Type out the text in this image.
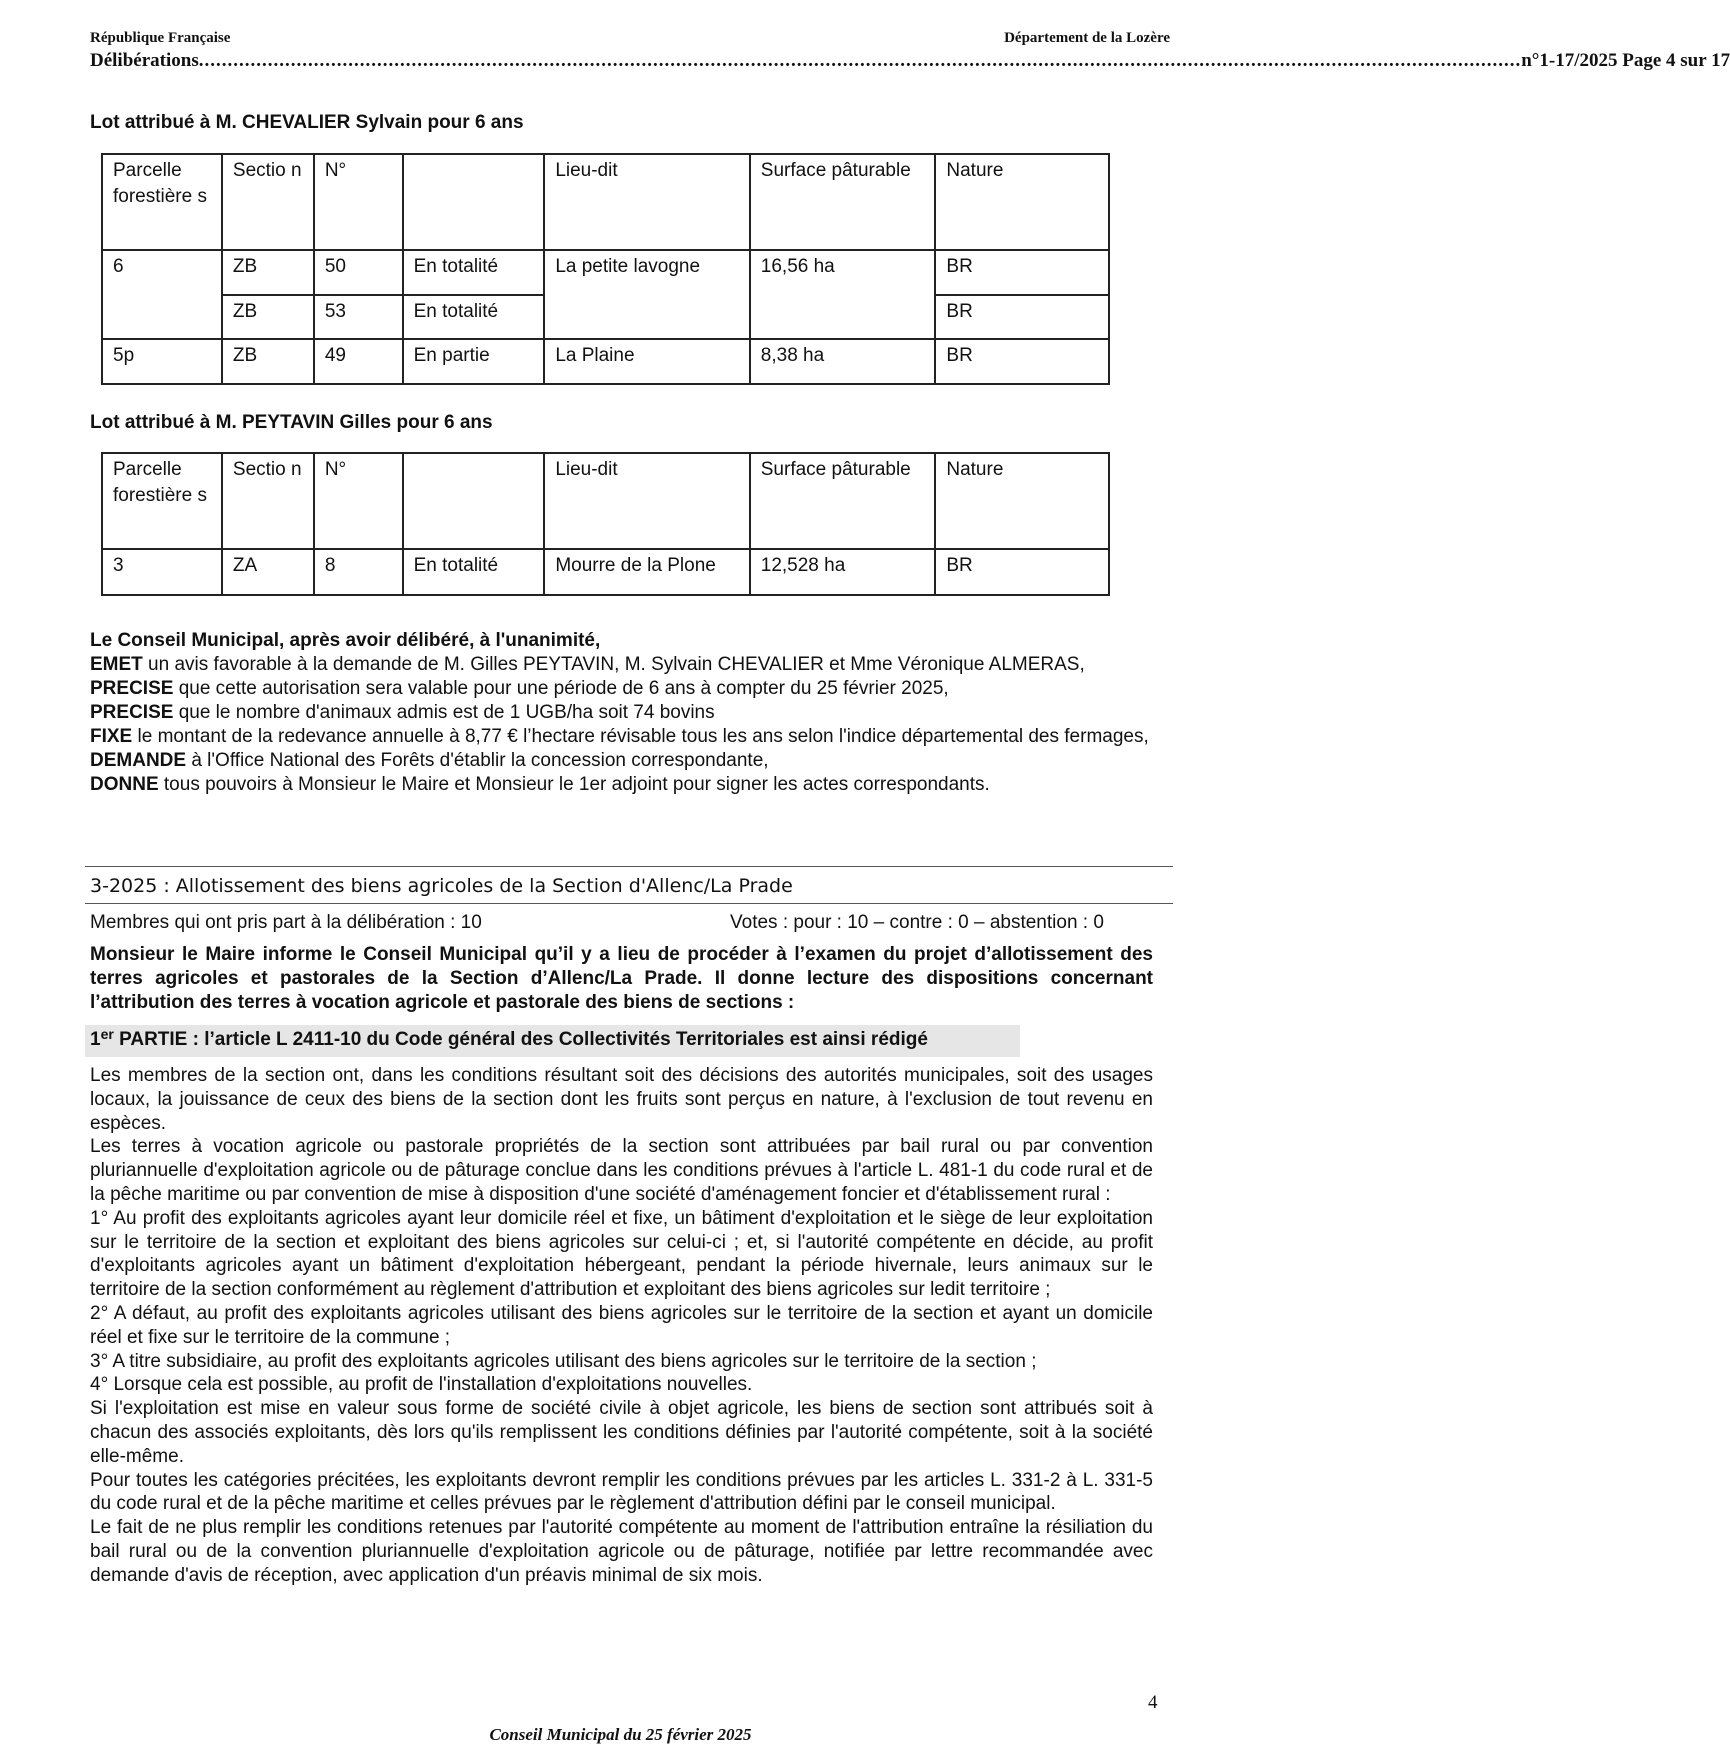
République Française	Département de la Lozère
Délibérations ...................................................................................................................................................................................................................................... n°1-17/2025 Page 4 sur 17
Lot attribué à M. CHEVALIER Sylvain pour 6 ans
Parcelle forestière s	Sectio n	N°		Lieu-dit	Surface pâturable	Nature
6	ZB	50	En totalité	La petite lavogne	16,56 ha	BR
	ZB	53	En totalité			BR
5p	ZB	49	En partie	La Plaine	8,38 ha	BR
Lot attribué à M. PEYTAVIN Gilles pour 6 ans
Parcelle forestière s	Sectio n	N°		Lieu-dit	Surface pâturable	Nature
3	ZA	8	En totalité	Mourre de la Plone	12,528 ha	BR
Le Conseil Municipal, après avoir délibéré, à l'unanimité,
EMET un avis favorable à la demande de M. Gilles PEYTAVIN, M. Sylvain CHEVALIER et Mme Véronique ALMERAS,
PRECISE que cette autorisation sera valable pour une période de 6 ans à compter du 25 février 2025,
PRECISE que le nombre d'animaux admis est de 1 UGB/ha soit 74 bovins
FIXE le montant de la redevance annuelle à 8,77 € l’hectare révisable tous les ans selon l'indice départemental des fermages,
DEMANDE à l'Office National des Forêts d'établir la concession correspondante,
DONNE tous pouvoirs à Monsieur le Maire et Monsieur le 1er adjoint pour signer les actes correspondants.
3-2025 : Allotissement des biens agricoles de la Section d'Allenc/La Prade
Membres qui ont pris part à la délibération : 10	Votes : pour : 10 – contre : 0 – abstention : 0
Monsieur le Maire informe le Conseil Municipal qu’il y a lieu de procéder à l’examen du projet d’allotissement des terres agricoles et pastorales de la Section d’Allenc/La Prade. Il donne lecture des dispositions concernant l’attribution des terres à vocation agricole et pastorale des biens de sections :
1er PARTIE : l’article L 2411-10 du Code général des Collectivités Territoriales est ainsi rédigé

Les membres de la section ont, dans les conditions résultant soit des décisions des autorités municipales, soit des usages locaux, la jouissance de ceux des biens de la section dont les fruits sont perçus en nature, à l'exclusion de tout revenu en espèces.

Les terres à vocation agricole ou pastorale propriétés de la section sont attribuées par bail rural ou par convention pluriannuelle d'exploitation agricole ou de pâturage conclue dans les conditions prévues à l'article L. 481-1 du code rural et de la pêche maritime ou par convention de mise à disposition d'une société d'aménagement foncier et d'établissement rural :

1° Au profit des exploitants agricoles ayant leur domicile réel et fixe, un bâtiment d'exploitation et le siège de leur exploitation sur le territoire de la section et exploitant des biens agricoles sur celui-ci ; et, si l'autorité compétente en décide, au profit d'exploitants agricoles ayant un bâtiment d'exploitation hébergeant, pendant la période hivernale, leurs animaux sur le territoire de la section conformément au règlement d'attribution et exploitant des biens agricoles sur ledit territoire ;

2° A défaut, au profit des exploitants agricoles utilisant des biens agricoles sur le territoire de la section et ayant un domicile réel et fixe sur le territoire de la commune ;

3° A titre subsidiaire, au profit des exploitants agricoles utilisant des biens agricoles sur le territoire de la section ;

4° Lorsque cela est possible, au profit de l'installation d'exploitations nouvelles.

Si l'exploitation est mise en valeur sous forme de société civile à objet agricole, les biens de section sont attribués soit à chacun des associés exploitants, dès lors qu'ils remplissent les conditions définies par l'autorité compétente, soit à la société elle-même.

Pour toutes les catégories précitées, les exploitants devront remplir les conditions prévues par les articles L. 331-2 à L. 331-5 du code rural et de la pêche maritime et celles prévues par le règlement d'attribution défini par le conseil municipal.

Le fait de ne plus remplir les conditions retenues par l'autorité compétente au moment de l'attribution entraîne la résiliation du bail rural ou de la convention pluriannuelle d'exploitation agricole ou de pâturage, notifiée par lettre recommandée avec demande d'avis de réception, avec application d'un préavis minimal de six mois.

4
Conseil Municipal du 25 février 2025
